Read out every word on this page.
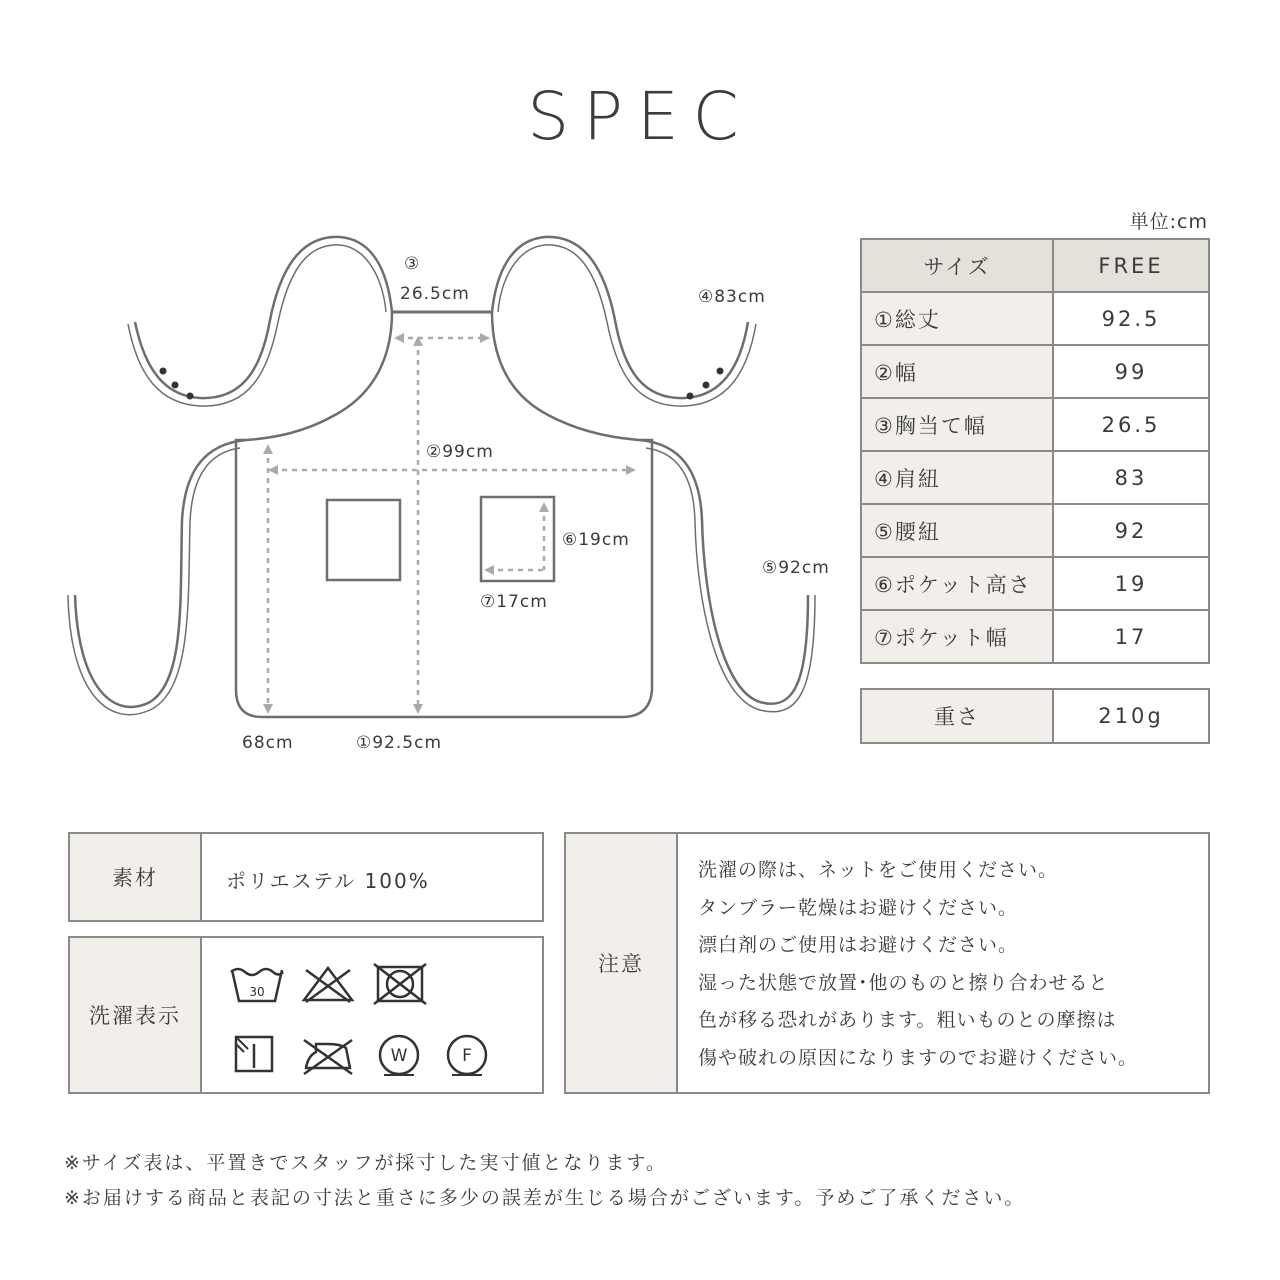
SPEC
単位:cm
③
26.5cm	④83cm
②99cm
⑥19cm
⑦17cm
⑤92cm
68cm	①92.5cm
サイズ	FREE
①総丈	92.5
②幅	99
③胸当て幅	26.5
④肩紐	83
⑤腰紐	92
⑥ポケット高さ	19
⑦ポケット幅	17
重さ	210g
素材	ポリエステル 100%
洗濯表示
30
W	F
注意
洗濯の際は、ネットをご使用ください。
タンブラー乾燥はお避けください。
漂白剤のご使用はお避けください。
湿った状態で放置･他のものと擦り合わせると
色が移る恐れがあります。粗いものとの摩擦は
傷や破れの原因になりますのでお避けください。
※サイズ表は、平置きでスタッフが採寸した実寸値となります。
※お届けする商品と表記の寸法と重さに多少の誤差が生じる場合がございます。予めご了承ください。
